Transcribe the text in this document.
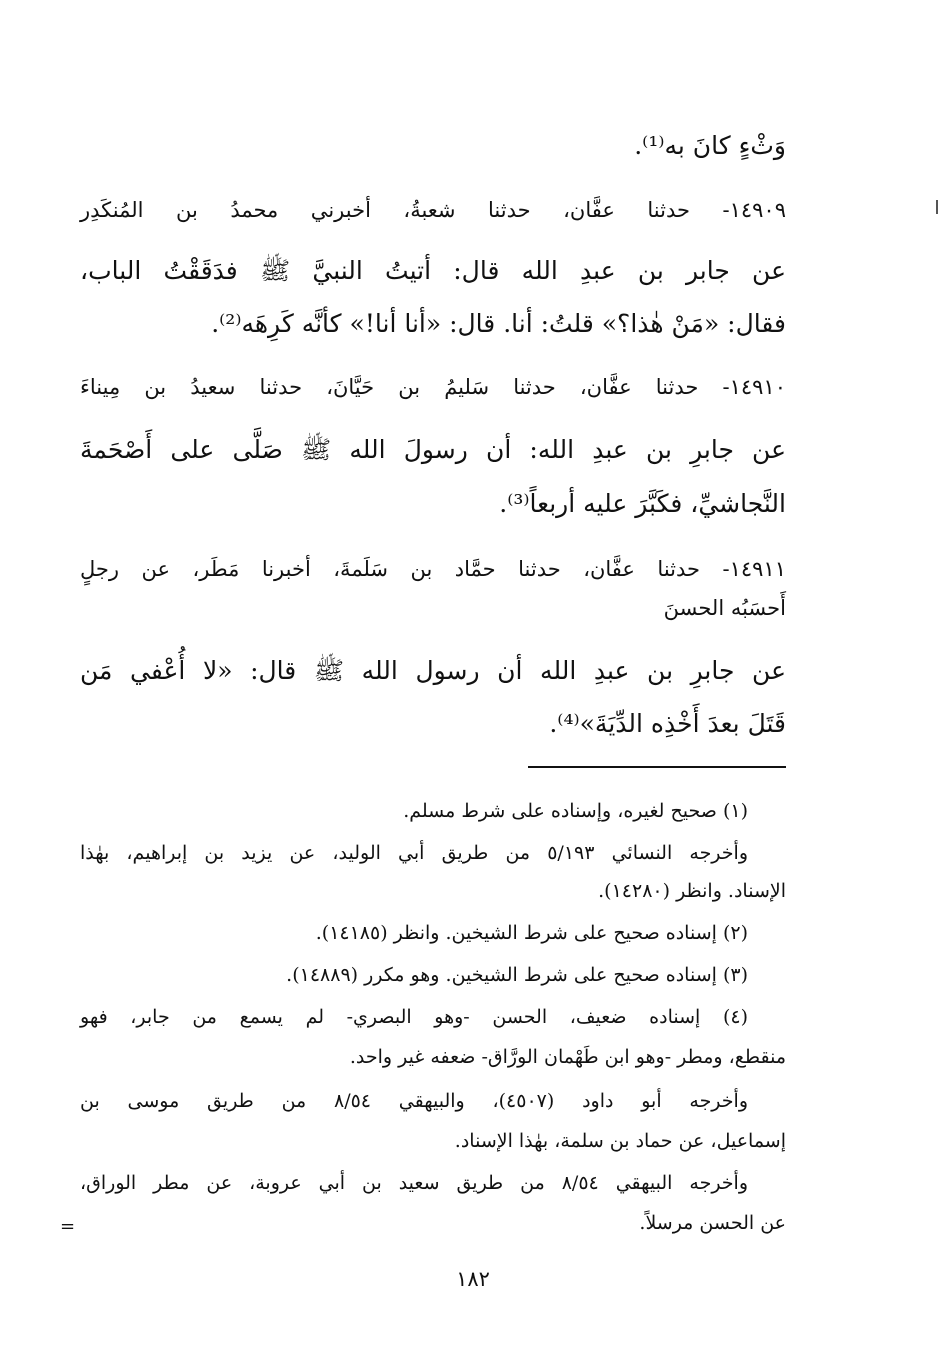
وَثْءٍ كانَ به⁽¹⁾.
١٤٩٠٩- حدثنا عفَّان، حدثنا شعبةُ، أخبرني محمدُ بن المُنكَدِر
عن جابر بن عبدِ الله قال: أتيتُ النبيَّ ﷺ فدَقَقْتُ الباب،
فقال: «مَنْ هٰذا؟» قلتُ: أنا. قال: «أنا أنا!» كأنَّه كَرِهَه⁽²⁾.
١٤٩١٠- حدثنا عفَّان، حدثنا سَليمُ بن حَيَّانَ، حدثنا سعيدُ بن مِيناءَ
عن جابرِ بن عبدِ الله: أن رسولَ الله ﷺ صَلَّى على أَصْحَمةَ
النَّجاشيِّ، فكَبَّرَ عليه أربعاً⁽³⁾.
١٤٩١١- حدثنا عفَّان، حدثنا حمَّاد بن سَلَمةَ، أخبرنا مَطَر، عن رجلٍ
أَحسَبُه الحسنَ
عن جابرِ بن عبدِ الله أن رسول الله ﷺ قال: «لا أُعْفي مَن
قَتَلَ بعدَ أَخْذِه الدِّيَةَ»⁽⁴⁾.
(١) صحيح لغيره، وإسناده على شرط مسلم.
وأخرجه النسائي ٥/١٩٣ من طريق أبي الوليد، عن يزيد بن إبراهيم، بهٰذا
الإسناد. وانظر (١٤٢٨٠).
(٢) إسناده صحيح على شرط الشيخين. وانظر (١٤١٨٥).
(٣) إسناده صحيح على شرط الشيخين. وهو مكرر (١٤٨٨٩).
(٤) إسناده ضعيف، الحسن -وهو البصري- لم يسمع من جابر، فهو
منقطع، ومطر -وهو ابن طَهْمان الورَّاق- ضعفه غير واحد.
وأخرجه أبو داود (٤٥٠٧)، والبيهقي ٨/٥٤ من طريق موسى بن
إسماعيل، عن حماد بن سلمة، بهٰذا الإسناد.
وأخرجه البيهقي ٨/٥٤ من طريق سعيد بن أبي عروبة، عن مطر الوراق،
عن الحسن مرسلاً.
=
١٨٢
